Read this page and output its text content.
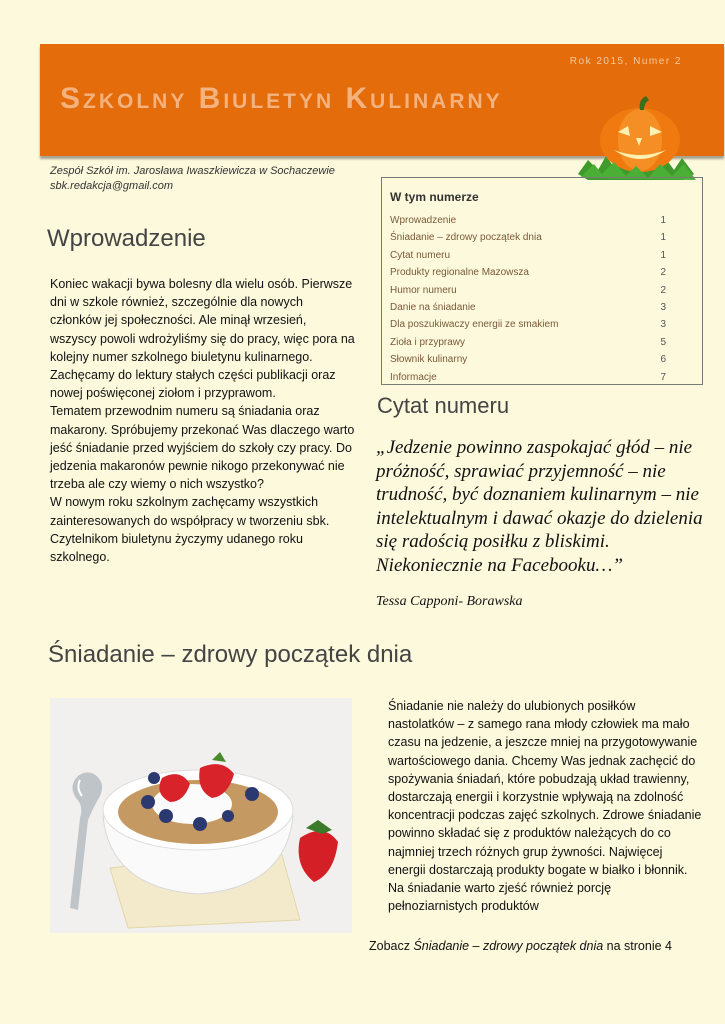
Rok 2015, Numer 2
Szkolny Biuletyn Kulinarny
Zespół Szkół im. Jarosława Iwaszkiewicza w Sochaczewie
sbk.redakcja@gmail.com
W tym numerze
Wprowadzenie	1
Śniadanie – zdrowy początek dnia	1
Cytat numeru	1
Produkty regionalne Mazowsza	2
Humor numeru	2
Danie na śniadanie	3
Dla poszukiwaczy energii ze smakiem	3
Zioła i przyprawy	5
Słownik kulinarny	6
Informacje	7
Wprowadzenie

Koniec wakacji bywa bolesny dla wielu osób. Pierwsze dni w szkole również, szczególnie dla nowych członków jej społeczności. Ale minął wrzesień, wszyscy powoli wdrożyliśmy się do pracy, więc pora na kolejny numer szkolnego biuletynu kulinarnego.

Zachęcamy do lektury stałych części publikacji oraz nowej poświęconej ziołom i przyprawom.

Tematem przewodnim numeru są śniadania oraz makarony. Spróbujemy przekonać Was dlaczego warto jeść śniadanie przed wyjściem do szkoły czy pracy. Do jedzenia makaronów pewnie nikogo przekonywać nie trzeba ale czy wiemy o nich wszystko?

W nowym roku szkolnym zachęcamy wszystkich zainteresowanych do współpracy w tworzeniu sbk. Czytelnikom biuletynu życzymy udanego roku szkolnego.

Cytat numeru
„Jedzenie powinno zaspokajać głód – nie próżność, sprawiać przyjemność – nie trudność, być doznaniem kulinarnym – nie intelektualnym i dawać okazje do dzielenia się radością posiłku z bliskimi. Niekoniecznie na Facebooku…”
Tessa Capponi- Borawska
Śniadanie – zdrowy początek dnia
Śniadanie nie należy do ulubionych posiłków nastolatków – z samego rana młody człowiek ma mało czasu na jedzenie, a jeszcze mniej na przygotowywanie wartościowego dania. Chcemy Was jednak zachęcić do spożywania śniadań, które pobudzają układ trawienny, dostarczają energii i korzystnie wpływają na zdolność koncentracji podczas zajęć szkolnych. Zdrowe śniadanie powinno składać się z produktów należących do co najmniej trzech różnych grup żywności. Najwięcej energii dostarczają produkty bogate w białko i błonnik. Na śniadanie warto zjeść również porcję pełnoziarnistych produktów
Zobacz Śniadanie – zdrowy początek dnia na stronie 4
